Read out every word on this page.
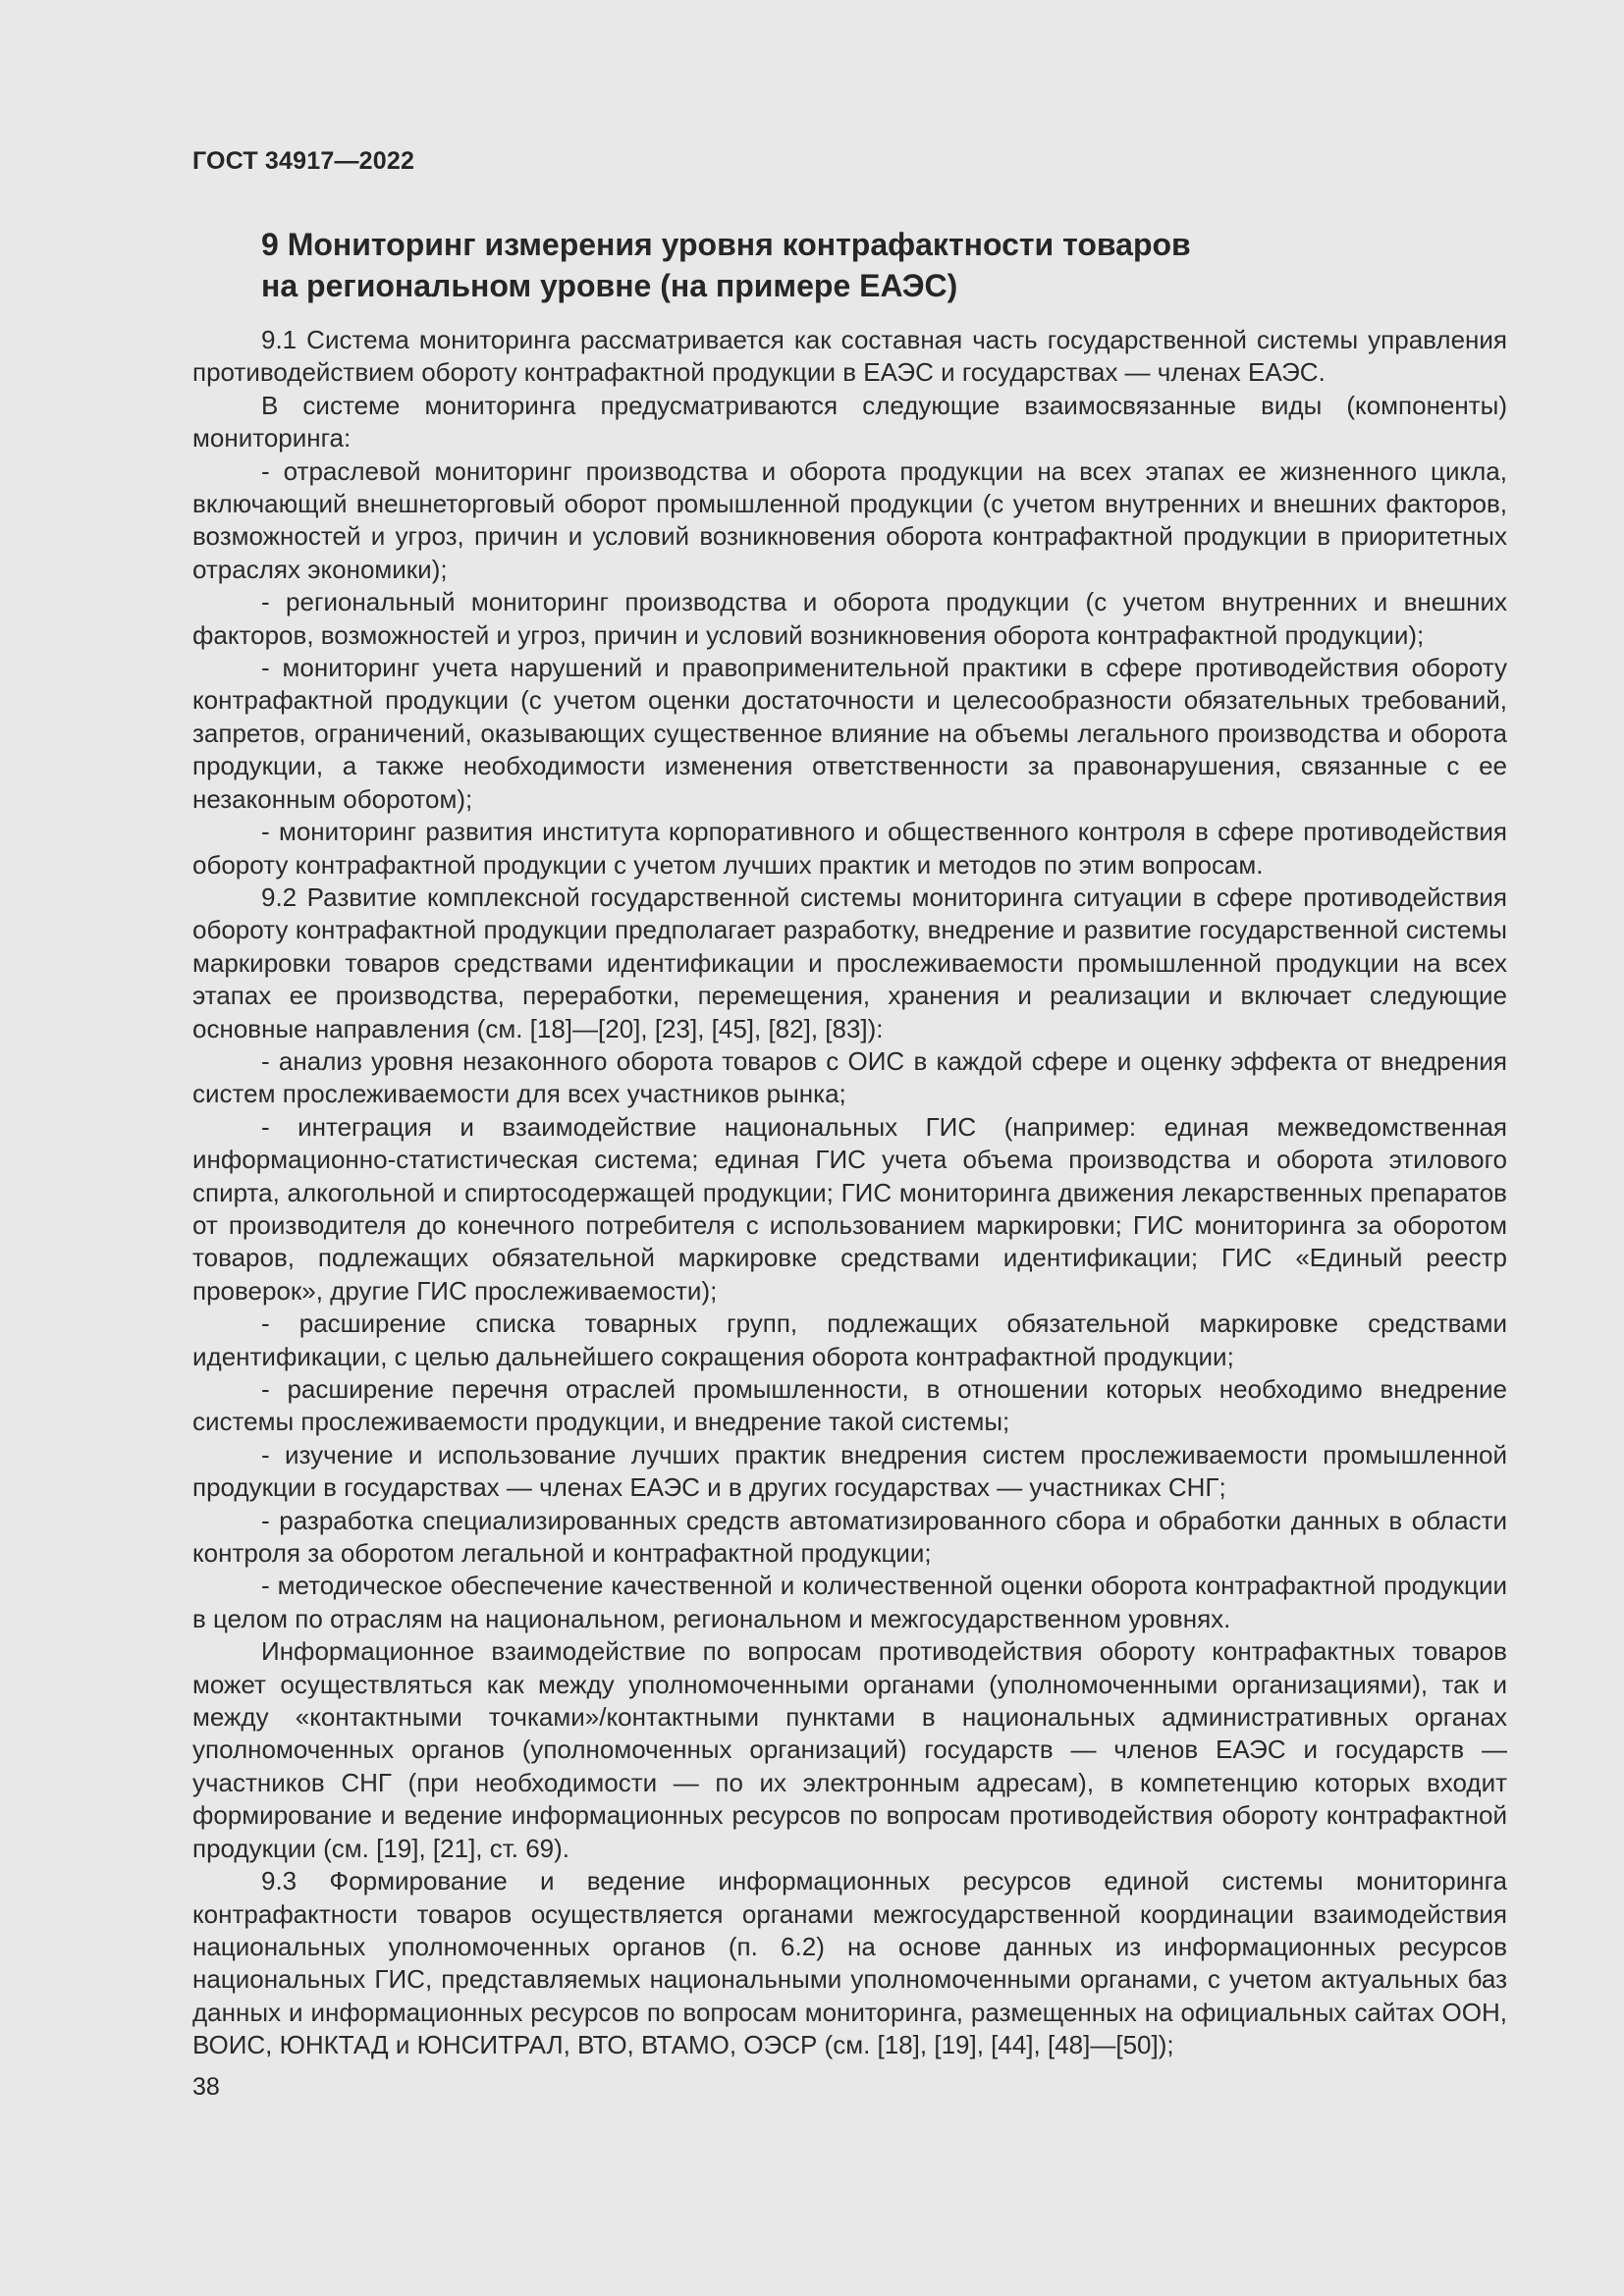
ГОСТ 34917—2022
9 Мониторинг измерения уровня контрафактности товаров
на региональном уровне (на примере ЕАЭС)

9.1 Система мониторинга рассматривается как составная часть государственной системы управления противодействием обороту контрафактной продукции в ЕАЭС и государствах — членах ЕАЭС.

В системе мониторинга предусматриваются следующие взаимосвязанные виды (компоненты) мониторинга:

- отраслевой мониторинг производства и оборота продукции на всех этапах ее жизненного цикла, включающий внешнеторговый оборот промышленной продукции (с учетом внутренних и внешних факторов, возможностей и угроз, причин и условий возникновения оборота контрафактной продукции в приоритетных отраслях экономики);

- региональный мониторинг производства и оборота продукции (с учетом внутренних и внешних факторов, возможностей и угроз, причин и условий возникновения оборота контрафактной продукции);

- мониторинг учета нарушений и правоприменительной практики в сфере противодействия обороту контрафактной продукции (с учетом оценки достаточности и целесообразности обязательных требований, запретов, ограничений, оказывающих существенное влияние на объемы легального производства и оборота продукции, а также необходимости изменения ответственности за правонарушения, связанные с ее незаконным оборотом);

- мониторинг развития института корпоративного и общественного контроля в сфере противодействия обороту контрафактной продукции с учетом лучших практик и методов по этим вопросам.

9.2 Развитие комплексной государственной системы мониторинга ситуации в сфере противодействия обороту контрафактной продукции предполагает разработку, внедрение и развитие государственной системы маркировки товаров средствами идентификации и прослеживаемости промышленной продукции на всех этапах ее производства, переработки, перемещения, хранения и реализации и включает следующие основные направления (см. [18]—[20], [23], [45], [82], [83]):

- анализ уровня незаконного оборота товаров с ОИС в каждой сфере и оценку эффекта от внедрения систем прослеживаемости для всех участников рынка;

- интеграция и взаимодействие национальных ГИС (например: единая межведомственная информационно-статистическая система; единая ГИС учета объема производства и оборота этилового спирта, алкогольной и спиртосодержащей продукции; ГИС мониторинга движения лекарственных препаратов от производителя до конечного потребителя с использованием маркировки; ГИС мониторинга за оборотом товаров, подлежащих обязательной маркировке средствами идентификации; ГИС «Единый реестр проверок», другие ГИС прослеживаемости);

- расширение списка товарных групп, подлежащих обязательной маркировке средствами идентификации, с целью дальнейшего сокращения оборота контрафактной продукции;

- расширение перечня отраслей промышленности, в отношении которых необходимо внедрение системы прослеживаемости продукции, и внедрение такой системы;

- изучение и использование лучших практик внедрения систем прослеживаемости промышленной продукции в государствах — членах ЕАЭС и в других государствах — участниках СНГ;

- разработка специализированных средств автоматизированного сбора и обработки данных в области контроля за оборотом легальной и контрафактной продукции;

- методическое обеспечение качественной и количественной оценки оборота контрафактной продукции в целом по отраслям на национальном, региональном и межгосударственном уровнях.

Информационное взаимодействие по вопросам противодействия обороту контрафактных товаров может осуществляться как между уполномоченными органами (уполномоченными организациями), так и между «контактными точками»/контактными пунктами в национальных административных органах уполномоченных органов (уполномоченных организаций) государств — членов ЕАЭС и государств — участников СНГ (при необходимости — по их электронным адресам), в компетенцию которых входит формирование и ведение информационных ресурсов по вопросам противодействия обороту контрафактной продукции (см. [19], [21], ст. 69).

9.3 Формирование и ведение информационных ресурсов единой системы мониторинга контрафактности товаров осуществляется органами межгосударственной координации взаимодействия национальных уполномоченных органов (п. 6.2) на основе данных из информационных ресурсов национальных ГИС, представляемых национальными уполномоченными органами, с учетом актуальных баз данных и информационных ресурсов по вопросам мониторинга, размещенных на официальных сайтах ООН, ВОИС, ЮНКТАД и ЮНСИТРАЛ, ВТО, ВТАМО, ОЭСР (см. [18], [19], [44], [48]—[50]);

38
